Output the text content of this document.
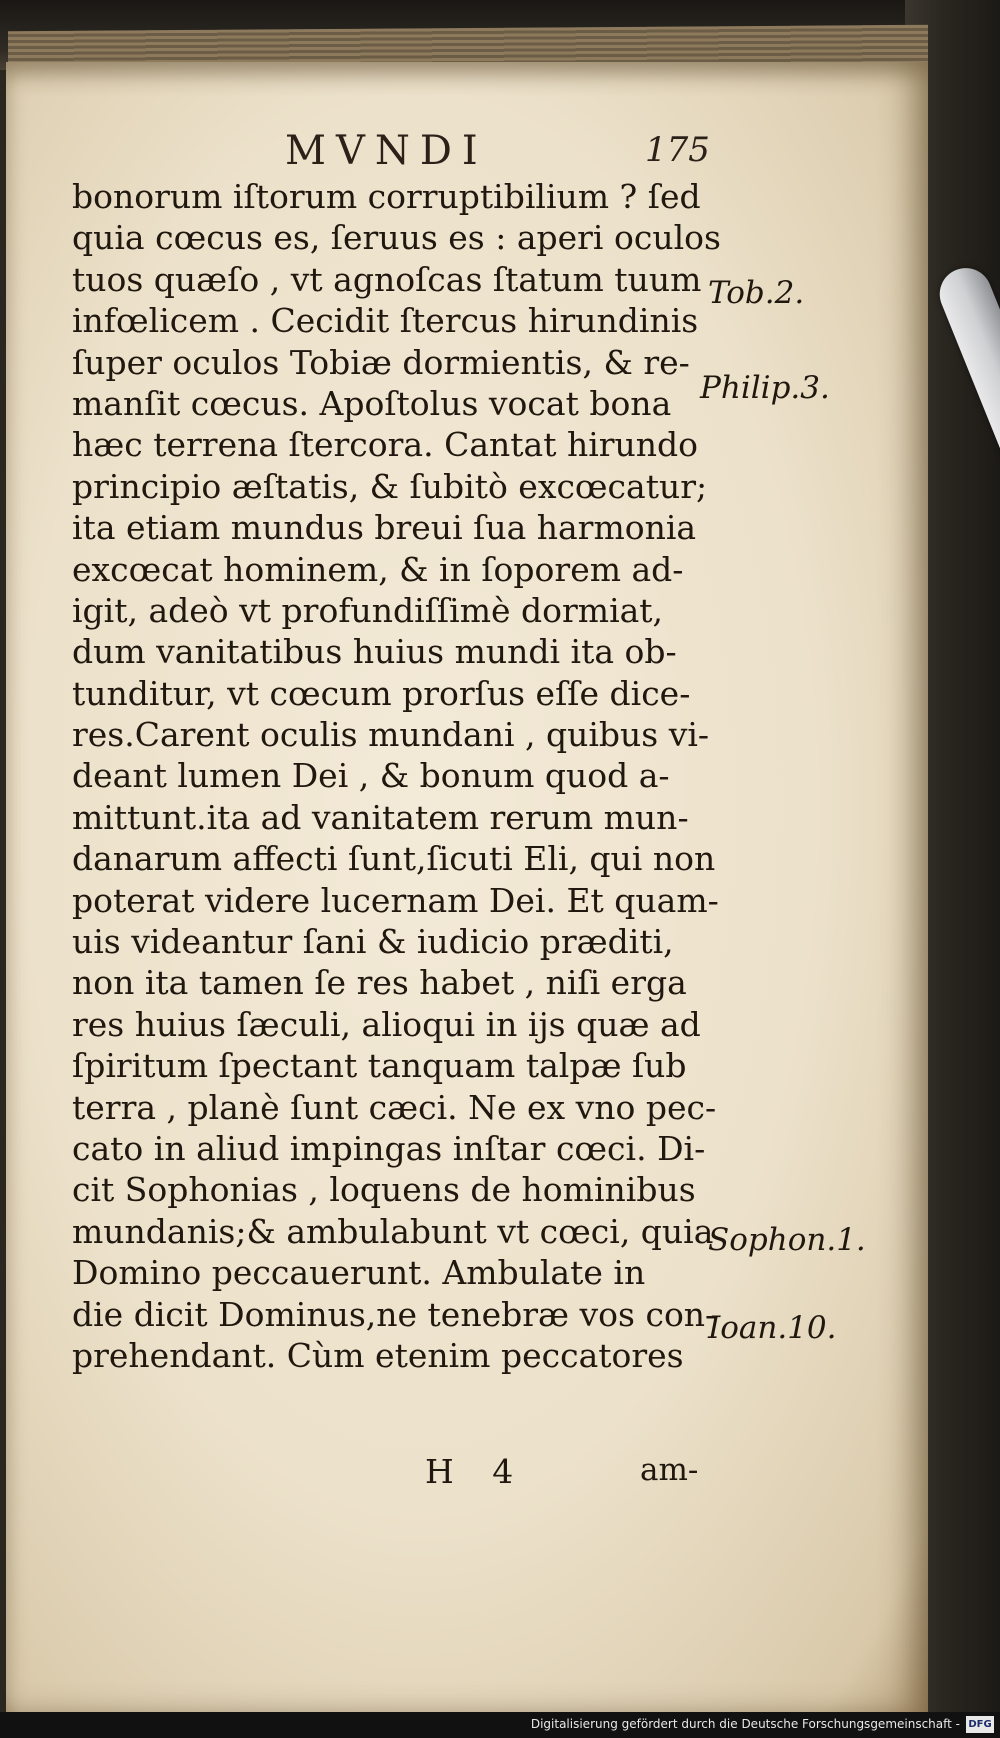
MVNDI	175
bonorum iſtorum corruptibilium ? ſed
quia cœcus es, ſeruus es : aperi oculos
tuos quæſo , vt agnoſcas ſtatum tuum
infœlicem . Cecidit ſtercus hirundinis
ſuper oculos Tobiæ dormientis, & re-
manſit cœcus. Apoſtolus vocat bona
hæc terrena ſtercora. Cantat hirundo
principio æſtatis, & ſubitò excœcatur;
ita etiam mundus breui ſua harmonia
excœcat hominem, & in ſoporem ad-
igit, adeò vt profundiſſimè dormiat,
dum vanitatibus huius mundi ita ob-
tunditur, vt cœcum prorſus eſſe dice-
res.Carent oculis mundani , quibus vi-
deant lumen Dei , & bonum quod a-
mittunt.ita ad vanitatem rerum mun-
danarum affecti ſunt,ſicuti Eli, qui non
poterat videre lucernam Dei. Et quam-
uis videantur ſani & iudicio præditi,
non ita tamen ſe res habet , niſi erga
res huius ſæculi, alioqui in ijs quæ ad
ſpiritum ſpectant tanquam talpæ ſub
terra , planè ſunt cæci. Ne ex vno pec-
cato in aliud impingas inſtar cœci. Di-
cit Sophonias , loquens de hominibus
mundanis;& ambulabunt vt cœci, quia
Domino peccauerunt. Ambulate in
die dicit Dominus,ne tenebræ vos con-
prehendant. Cùm etenim peccatores
Tob.2.
Philip.3.
Sophon.1.
Ioan.10.
H 4	am-
Digitalisierung gefördert durch die Deutsche Forschungsgemeinschaft - DFG
